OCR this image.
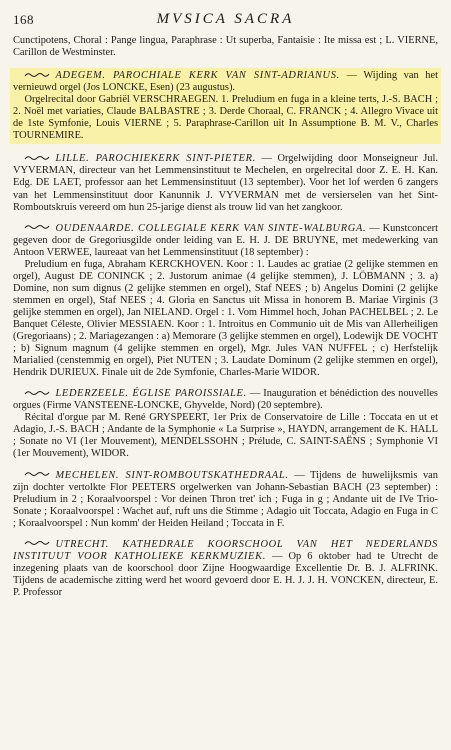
168	MVSICA SACRA

Cunctipotens, Choral : Pange lingua, Paraphrase : Ut superba, Fantaisie : Ite missa est ; L. VIERNE, Carillon de Westminster.

ADEGEM. PAROCHIALE KERK VAN SINT-ADRIANUS. — Wijding van het vernieuwd orgel (Jos LONCKE, Esen) (23 augustus).

Orgelrecital door Gabriël VERSCHRAEGEN. 1. Preludium en fuga in a kleine terts, J.-S. BACH ; 2. Noël met variaties, Claude BALBASTRE ; 3. Derde Choraal, C. FRANCK ; 4. Allegro Vivace uit de 1ste Symfonie, Louis VIERNE ; 5. Paraphrase-Carillon uit In Assumptione B. M. V., Charles TOURNEMIRE.

LILLE. PAROCHIEKERK SINT-PIETER. — Orgelwijding door Monseigneur Jul. VYVERMAN, directeur van het Lemmensinstituut te Mechelen, en orgelrecital door Z. E. H. Kan. Edg. DE LAET, professor aan het Lemmensinstituut (13 september). Voor het lof werden 6 zangers van het Lemmensinstituut door Kanunnik J. VYVERMAN met de versierselen van het Sint-Romboutskruis vereerd om hun 25-jarige dienst als trouw lid van het zangkoor.

OUDENAARDE. COLLEGIALE KERK VAN SINTE-WALBURGA. — Kunstconcert gegeven door de Gregoriusgilde onder leiding van E. H. J. DE BRUYNE, met medewerking van Antoon VERWEE, laureaat van het Lemmensinstituut (18 september) :

Preludium en fuga, Abraham KERCKHOVEN. Koor : 1. Laudes ac gratiae (2 gelijke stemmen en orgel), August DE CONINCK ; 2. Justorum animae (4 gelijke stemmen), J. LÖBMANN ; 3. a) Domine, non sum dignus (2 gelijke stemmen en orgel), Staf NEES ; b) Angelus Domini (2 gelijke stemmen en orgel), Staf NEES ; 4. Gloria en Sanctus uit Missa in honorem B. Mariae Virginis (3 gelijke stemmen en orgel), Jan NIELAND. Orgel : 1. Vom Himmel hoch, Johan PACHELBEL ; 2. Le Banquet Céleste, Olivier MESSIAEN. Koor : 1. Introitus en Communio uit de Mis van Allerheiligen (Gregoriaans) ; 2. Mariagezangen : a) Memorare (3 gelijke stemmen en orgel), Lodewijk DE VOCHT ; b) Signum magnum (4 gelijke stemmen en orgel), Mgr. Jules VAN NUFFEL ; c) Herfstelijk Marialied (censtemmig en orgel), Piet NUTEN ; 3. Laudate Dominum (2 gelijke stemmen en orgel), Hendrik DURIEUX. Finale uit de 2de Symfonie, Charles-Marie WIDOR.

LEDERZEELE. ÉGLISE PAROISSIALE. — Inauguration et bénédiction des nouvelles orgues (Firme VANSTEENE-LONCKE, Ghyvelde, Nord) (20 septembre).

Récital d'orgue par M. René GRYSPEERT, 1er Prix de Conservatoire de Lille : Toccata en ut et Adagio, J.-S. BACH ; Andante de la Symphonie « La Surprise », HAYDN, arrangement de K. HALL ; Sonate no VI (1er Mouvement), MENDELSSOHN ; Prélude, C. SAINT-SAËNS ; Symphonie VI (1er Mouvement), WIDOR.

MECHELEN. SINT-ROMBOUTSKATHEDRAAL. — Tijdens de huwelijksmis van zijn dochter vertolkte Flor PEETERS orgelwerken van Johann-Sebastian BACH (23 september) : Preludium in 2 ; Koraalvoorspel : Vor deinen Thron tret' ich ; Fuga in g ; Andante uit de IVe Trio-Sonate ; Koraalvoorspel : Wachet auf, ruft uns die Stimme ; Adagio uit Toccata, Adagio en Fuga in C ; Koraalvoorspel : Nun komm' der Heiden Heiland ; Toccata in F.

UTRECHT. KATHEDRALE KOORSCHOOL VAN HET NEDERLANDS INSTITUUT VOOR KATHOLIEKE KERKMUZIEK. — Op 6 oktober had te Utrecht de inzegening plaats van de koorschool door Zijne Hoogwaardige Excellentie Dr. B. J. ALFRINK. Tijdens de academische zitting werd het woord gevoerd door E. H. J. J. H. VONCKEN, directeur, E. P. Professor
